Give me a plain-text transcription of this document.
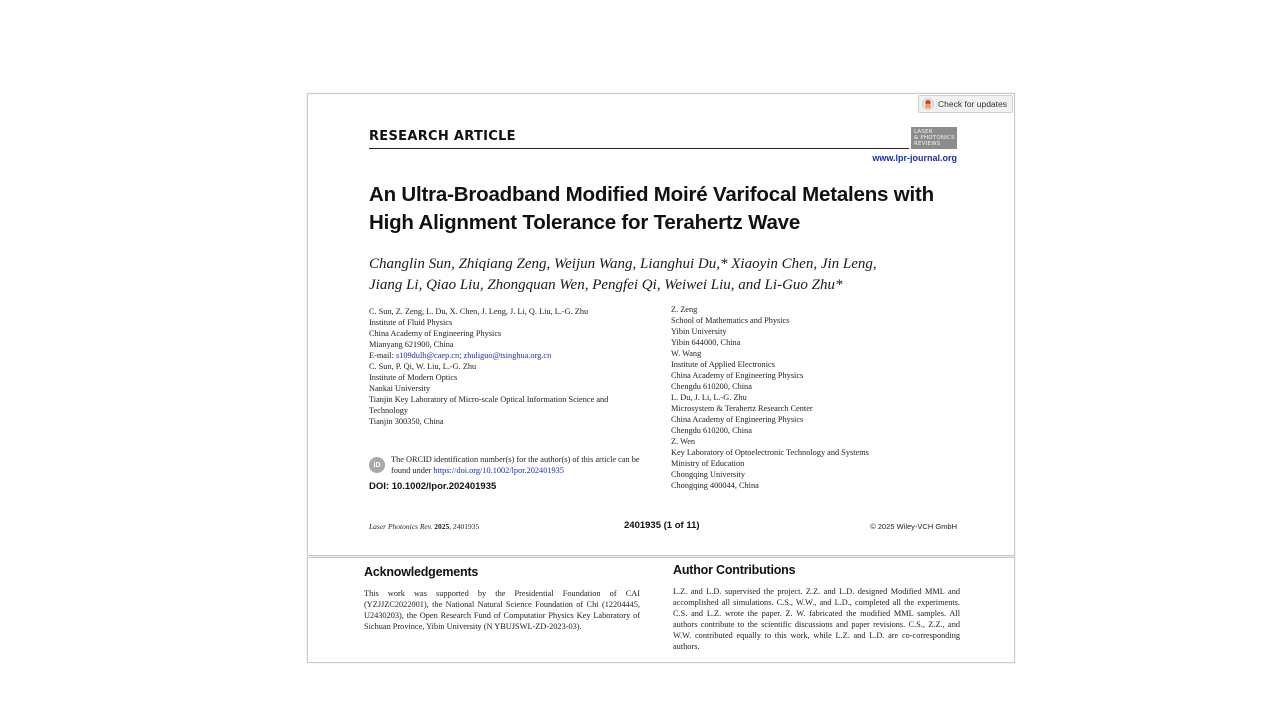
Check for updates
RESEARCH ARTICLE	LASER
& PHOTONICS
REVIEWS
www.lpr-journal.org
An Ultra-Broadband Modified Moiré Varifocal Metalens with
High Alignment Tolerance for Terahertz Wave
Changlin Sun, Zhiqiang Zeng, Weijun Wang, Lianghui Du,* Xiaoyin Chen, Jin Leng,
Jiang Li, Qiao Liu, Zhongquan Wen, Pengfei Qi, Weiwei Liu, and Li-Guo Zhu*
C. Sun, Z. Zeng, L. Du, X. Chen, J. Leng, J. Li, Q. Liu, L.-G. Zhu
Institute of Fluid Physics
China Academy of Engineering Physics
Mianyang 621900, China
E-mail: s109dulh@caep.cn; zhuliguo@tsinghua.org.cn
C. Sun, P. Qi, W. Liu, L.-G. Zhu
Institute of Modern Optics
Nankai University
Tianjin Key Laboratory of Micro-scale Optical Information Science and Technology
Tianjin 300350, China
Z. Zeng
School of Mathematics and Physics
Yibin University
Yibin 644000, China
W. Wang
Institute of Applied Electronics
China Academy of Engineering Physics
Chengdu 610200, China
L. Du, J. Li, L.-G. Zhu
Microsystem & Terahertz Research Center
China Academy of Engineering Physics
Chengdu 610200, China
Z. Wen
Key Laboratory of Optoelectronic Technology and Systems
Ministry of Education
Chongqing University
Chongqing 400044, China
iD
The ORCID identification number(s) for the author(s) of this article can be found under https://doi.org/10.1002/lpor.202401935
DOI: 10.1002/lpor.202401935
Laser Photonics Rev. 2025, 2401935	2401935 (1 of 11)	© 2025 Wiley-VCH GmbH
Acknowledgements
This work was supported by the Presidential Foundation of CAI (YZJJZC2022001), the National Natural Science Foundation of Chi (12204445, U2430203), the Open Research Fund of Computatior Physics Key Laboratory of Sichuan Province, Yibin University (N YBUJSWL-ZD-2023-03).
Author Contributions
L.Z. and L.D. supervised the project. Z.Z. and L.D. designed Modified MML and accomplished all simulations. C.S., W.W., and L.D., completed all the experiments. C.S. and L.Z. wrote the paper. Z. W. fabricated the modified MML samples. All authors contribute to the scientific discussions and paper revisions. C.S., Z.Z., and W.W. contributed equally to this work, while L.Z. and L.D. are co-corresponding authors.
